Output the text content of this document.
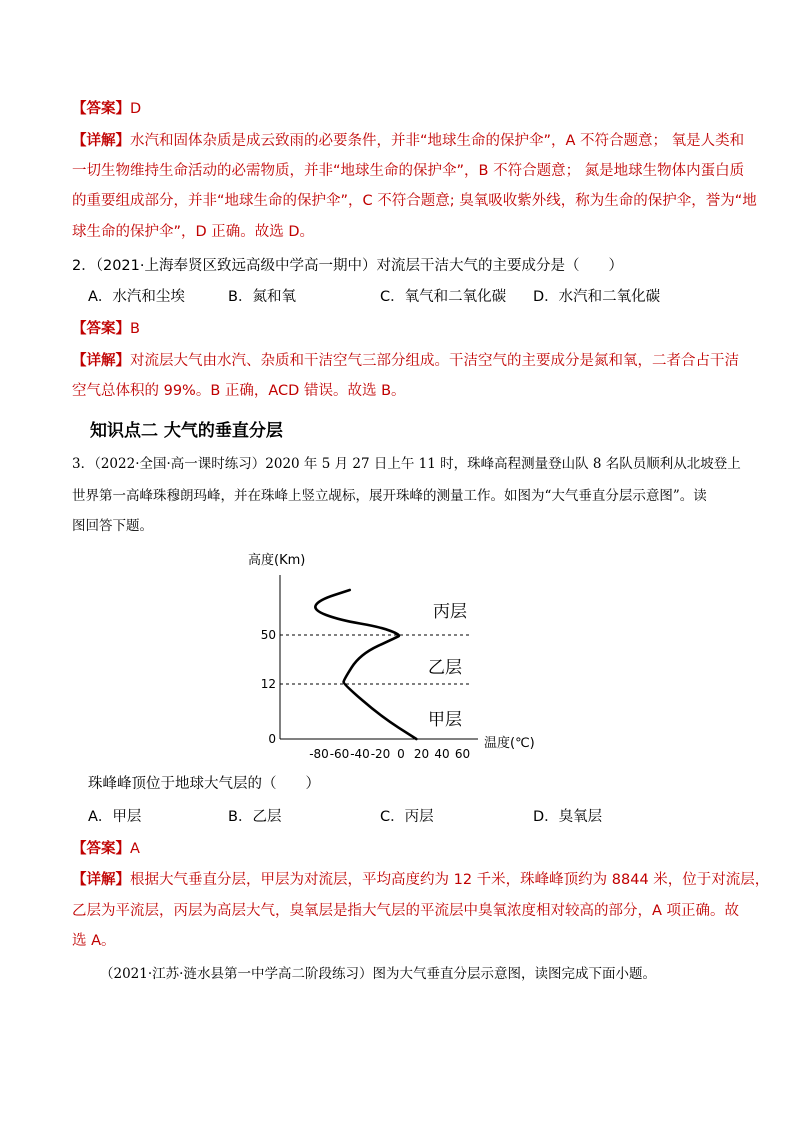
【答案】D
【详解】水汽和固体杂质是成云致雨的必要条件，并非“地球生命的保护伞”，A 不符合题意； 氧是人类和
一切生物维持生命活动的必需物质，并非“地球生命的保护伞”，B 不符合题意； 氮是地球生物体内蛋白质
的重要组成部分，并非“地球生命的保护伞”，C 不符合题意; 臭氧吸收紫外线，称为生命的保护伞，誉为“地
球生命的保护伞”，D 正确。故选 D。
2．（2021·上海奉贤区致远高级中学高一期中）对流层干洁大气的主要成分是（　　）
A．水汽和尘埃	B．氮和氧	C．氧气和二氧化碳 D．水汽和二氧化碳
【答案】B
【详解】对流层大气由水汽、杂质和干洁空气三部分组成。干洁空气的主要成分是氮和氧，二者合占干洁
空气总体积的 99%。B 正确，ACD 错误。故选 B。
知识点二 大气的垂直分层
3．（2022·全国·高一课时练习）2020 年 5 月 27 日上午 11 时，珠峰高程测量登山队 8 名队员顺利从北坡登上
世界第一高峰珠穆朗玛峰，并在珠峰上竖立觇标，展开珠峰的测量工作。如图为“大气垂直分层示意图”。读
图回答下题。
高度(Km)
温度(℃)
0
12
50
-80 -60 -40 -20 0 20 40 60
丙层
乙层
甲层
珠峰峰顶位于地球大气层的（　　）
A．甲层	B．乙层	C．丙层	D．臭氧层
【答案】A
【详解】根据大气垂直分层，甲层为对流层，平均高度约为 12 千米，珠峰峰顶约为 8844 米，位于对流层，
乙层为平流层，丙层为高层大气，臭氧层是指大气层的平流层中臭氧浓度相对较高的部分，A 项正确。故
选 A。
（2021·江苏·涟水县第一中学高二阶段练习）图为大气垂直分层示意图，读图完成下面小题。
